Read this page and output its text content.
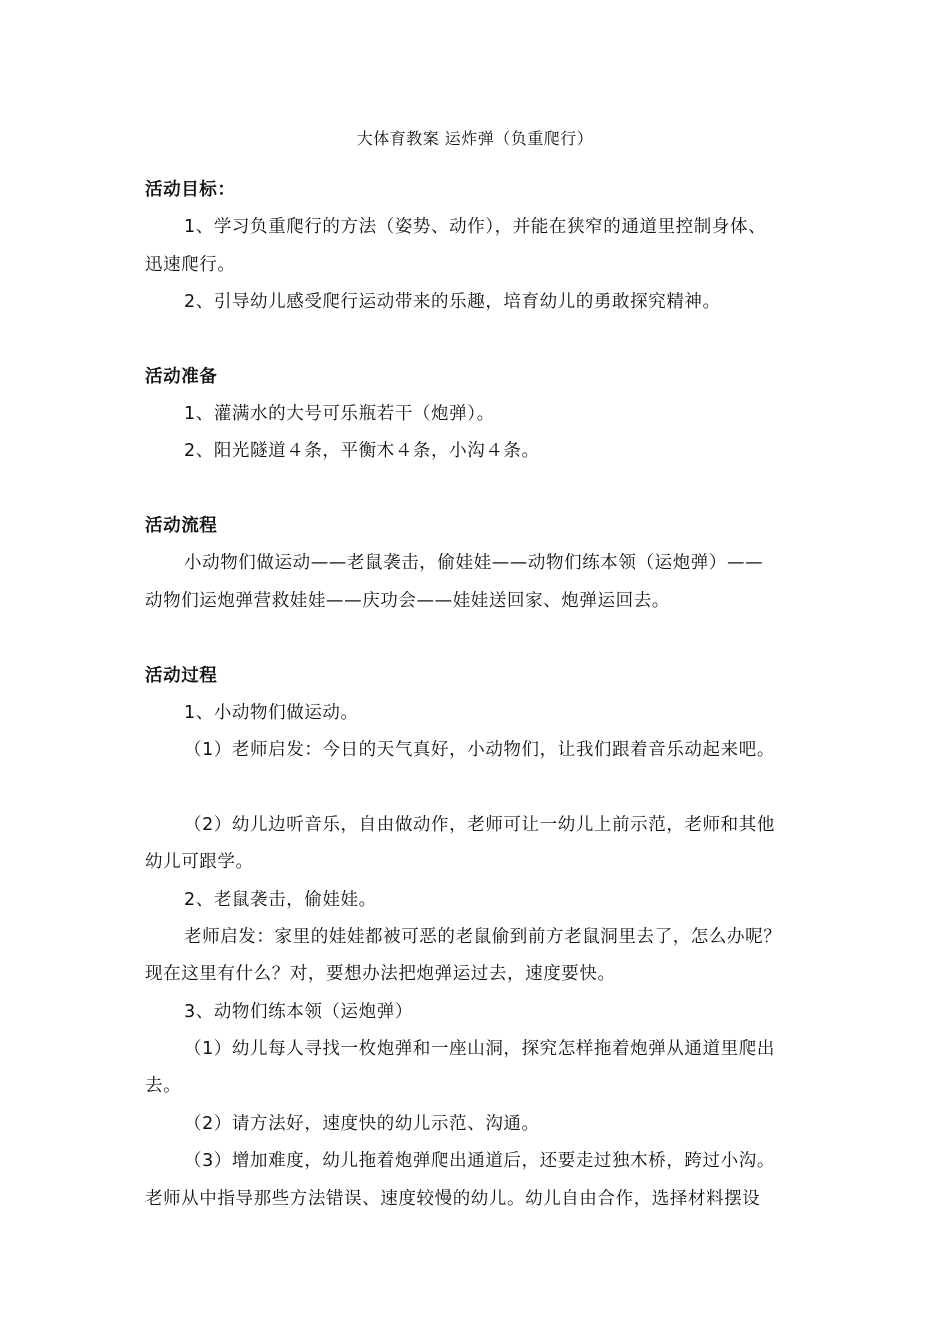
大体育教案 运炸弹（负重爬行）
活动目标：
1、学习负重爬行的方法（姿势、动作），并能在狭窄的通道里控制身体、
迅速爬行。
2、引导幼儿感受爬行运动带来的乐趣，培育幼儿的勇敢探究精神。
活动准备
1、灌满水的大号可乐瓶若干（炮弹）。
2、阳光隧道４条，平衡木４条，小沟４条。
活动流程
小动物们做运动——老鼠袭击，偷娃娃——动物们练本领（运炮弹）——
动物们运炮弹营救娃娃——庆功会——娃娃送回家、炮弹运回去。
活动过程
1、小动物们做运动。
（1）老师启发：今日的天气真好，小动物们，让我们跟着音乐动起来吧。
（2）幼儿边听音乐，自由做动作，老师可让一幼儿上前示范，老师和其他
幼儿可跟学。
2、老鼠袭击，偷娃娃。
老师启发：家里的娃娃都被可恶的老鼠偷到前方老鼠洞里去了，怎么办呢？
现在这里有什么？对，要想办法把炮弹运过去，速度要快。
3、动物们练本领（运炮弹）
（1）幼儿每人寻找一枚炮弹和一座山洞，探究怎样拖着炮弹从通道里爬出
去。
（2）请方法好，速度快的幼儿示范、沟通。
（3）增加难度，幼儿拖着炮弹爬出通道后，还要走过独木桥，跨过小沟。
老师从中指导那些方法错误、速度较慢的幼儿。幼儿自由合作，选择材料摆设
